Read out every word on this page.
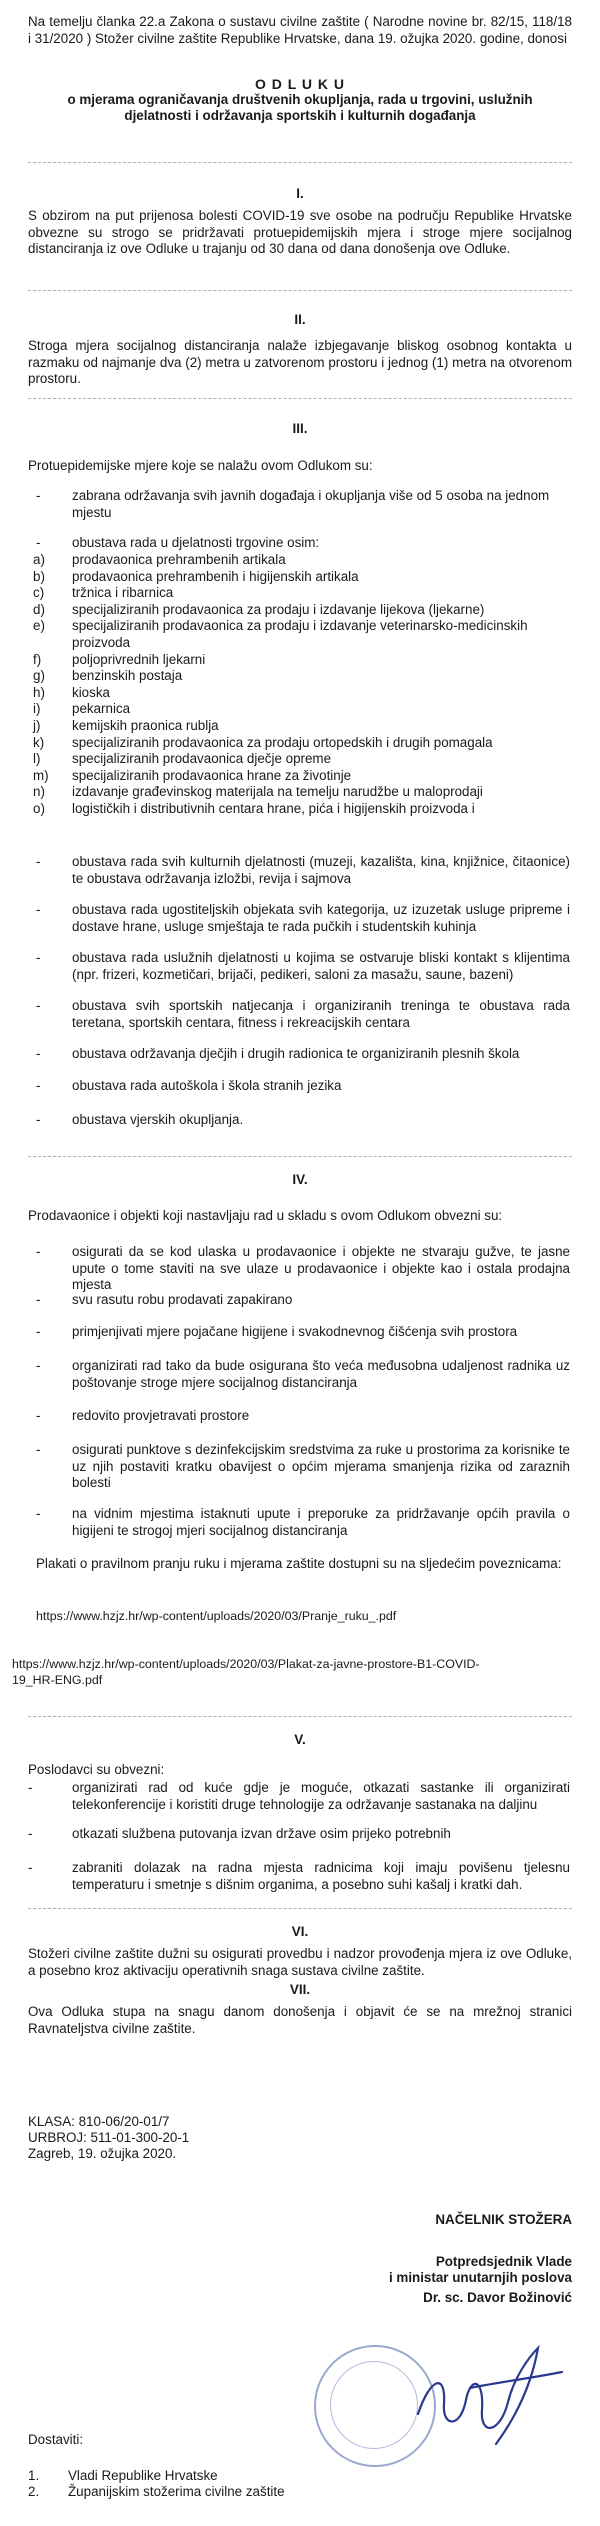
Na temelju članka 22.a Zakona o sustavu civilne zaštite ( Narodne novine br. 82/15, 118/18 i 31/2020 ) Stožer civilne zaštite Republike Hrvatske, dana 19. ožujka 2020. godine, donosi

O D L U K U

o mjerama ograničavanja društvenih okupljanja, rada u trgovini, uslužnih

djelatnosti i održavanja sportskih i kulturnih događanja

I.

S obzirom na put prijenosa bolesti COVID-19 sve osobe na području Republike Hrvatske obvezne su strogo se pridržavati protuepidemijskih mjera i stroge mjere socijalnog distanciranja iz ove Odluke u trajanju od 30 dana od dana donošenja ove Odluke.

II.

Stroga mjera socijalnog distanciranja nalaže izbjegavanje bliskog osobnog kontakta u razmaku od najmanje dva (2) metra u zatvorenom prostoru i jednog (1) metra na otvorenom prostoru.

III.

Protuepidemijske mjere koje se nalažu ovom Odlukom su:

- zabrana održavanja svih javnih događaja i okupljanja više od 5 osoba na jednom mjestu

- obustava rada u djelatnosti trgovine osim:

a) prodavaonica prehrambenih artikala
b) prodavaonica prehrambenih i higijenskih artikala
c) tržnica i ribarnica
d) specijaliziranih prodavaonica za prodaju i izdavanje lijekova (ljekarne)
e) specijaliziranih prodavaonica za prodaju i izdavanje veterinarsko-medicinskih
proizvoda
f) poljoprivrednih ljekarni
g) benzinskih postaja
h) kioska
i) pekarnica
j) kemijskih praonica rublja
k) specijaliziranih prodavaonica za prodaju ortopedskih i drugih pomagala
l) specijaliziranih prodavaonica dječje opreme
m) specijaliziranih prodavaonica hrane za životinje
n) izdavanje građevinskog materijala na temelju narudžbe u maloprodaji
o) logističkih i distributivnih centara hrane, pića i higijenskih proizvoda i
- obustava rada svih kulturnih djelatnosti (muzeji, kazališta, kina, knjižnice, čitaonice) te obustava održavanja izložbi, revija i sajmova

- obustava rada ugostiteljskih objekata svih kategorija, uz izuzetak usluge pripreme i dostave hrane, usluge smještaja te rada pučkih i studentskih kuhinja

- obustava rada uslužnih djelatnosti u kojima se ostvaruje bliski kontakt s klijentima (npr. frizeri, kozmetičari, brijači, pedikeri, saloni za masažu, saune, bazeni)

- obustava svih sportskih natjecanja i organiziranih treninga te obustava rada teretana, sportskih centara, fitness i rekreacijskih centara

- obustava održavanja dječjih i drugih radionica te organiziranih plesnih škola

- obustava rada autoškola i škola stranih jezika

- obustava vjerskih okupljanja.

IV.

Prodavaonice i objekti koji nastavljaju rad u skladu s ovom Odlukom obvezni su:

- osigurati da se kod ulaska u prodavaonice i objekte ne stvaraju gužve, te jasne upute o tome staviti na sve ulaze u prodavaonice i objekte kao i ostala prodajna mjesta

- svu rasutu robu prodavati zapakirano

- primjenjivati mjere pojačane higijene i svakodnevnog čišćenja svih prostora

- organizirati rad tako da bude osigurana što veća međusobna udaljenost radnika uz poštovanje stroge mjere socijalnog distanciranja

- redovito provjetravati prostore

- osigurati punktove s dezinfekcijskim sredstvima za ruke u prostorima za korisnike te uz njih postaviti kratku obavijest o općim mjerama smanjenja rizika od zaraznih bolesti

- na vidnim mjestima istaknuti upute i preporuke za pridržavanje općih pravila o higijeni te strogoj mjeri socijalnog distanciranja

Plakati o pravilnom pranju ruku i mjerama zaštite dostupni su na sljedećim poveznicama:

https://www.hzjz.hr/wp-content/uploads/2020/03/Pranje_ruku_.pdf

https://www.hzjz.hr/wp-content/uploads/2020/03/Plakat-za-javne-prostore-B1-COVID-

19_HR-ENG.pdf

V.

Poslodavci su obvezni:

-	organizirati rad od kuće gdje je moguće, otkazati sastanke ili organizirati telekonferencije i koristiti druge tehnologije za održavanje sastanaka na daljinu

-	otkazati službena putovanja izvan države osim prijeko potrebnih

-	zabraniti dolazak na radna mjesta radnicima koji imaju povišenu tjelesnu temperaturu i smetnje s dišnim organima, a posebno suhi kašalj i kratki dah.

VI.

Stožeri civilne zaštite dužni su osigurati provedbu i nadzor provođenja mjera iz ove Odluke, a posebno kroz aktivaciju operativnih snaga sustava civilne zaštite.

VII.

Ova Odluka stupa na snagu danom donošenja i objavit će se na mrežnoj stranici Ravnateljstva civilne zaštite.

KLASA: 810-06/20-01/7

URBROJ: 511-01-300-20-1

Zagreb, 19. ožujka 2020.

NAČELNIK STOŽERA

Potpredsjednik Vlade

i ministar unutarnjih poslova

Dr. sc. Davor Božinović

Dostaviti:

1. Vladi Republike Hrvatske
2. Županijskim stožerima civilne zaštite
